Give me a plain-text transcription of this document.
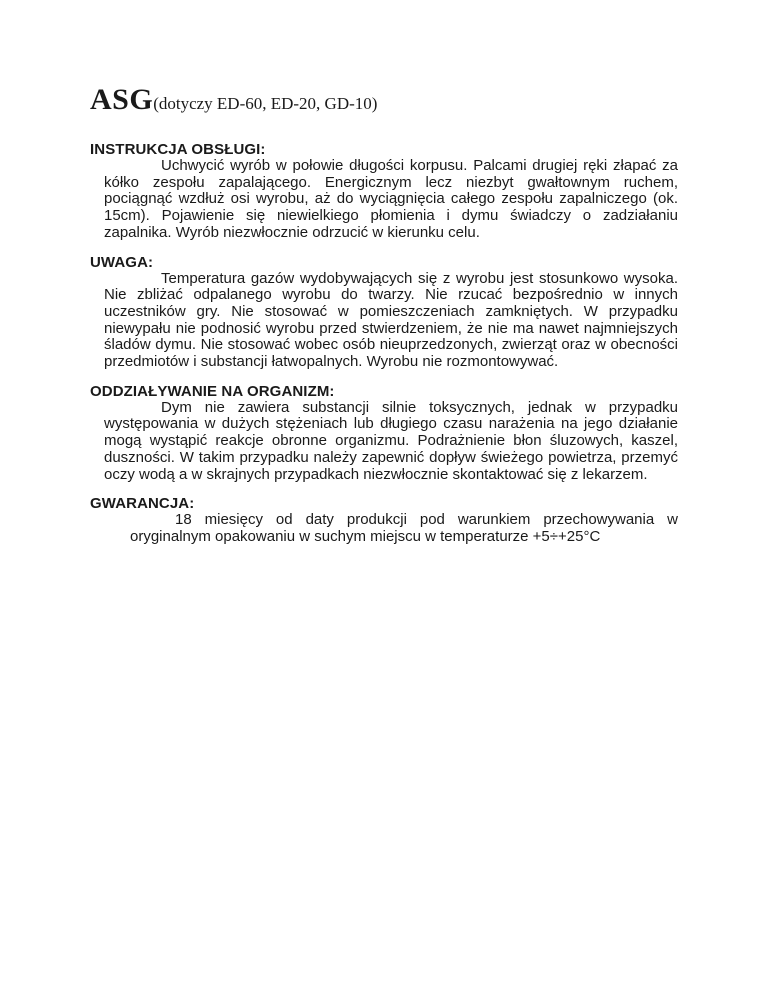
ASG(dotyczy ED-60, ED-20, GD-10)
INSTRUKCJA OBSŁUGI:

Uchwycić wyrób w połowie długości korpusu. Palcami drugiej ręki złapać za kółko zespołu zapalającego. Energicznym lecz niezbyt gwałtownym ruchem, pociągnąć wzdłuż osi wyrobu, aż do wyciągnięcia całego zespołu zapalniczego (ok. 15cm). Pojawienie się niewielkiego płomienia i dymu świadczy o zadziałaniu zapalnika. Wyrób niezwłocznie odrzucić w kierunku celu.

UWAGA:

Temperatura gazów wydobywających się z wyrobu jest stosunkowo wysoka. Nie zbliżać odpalanego wyrobu do twarzy. Nie rzucać bezpośrednio w innych uczestników gry. Nie stosować w pomieszczeniach zamkniętych. W przypadku niewypału nie podnosić wyrobu przed stwierdzeniem, że nie ma nawet najmniejszych śladów dymu. Nie stosować wobec osób nieuprzedzonych, zwierząt oraz w obecności przedmiotów i substancji łatwopalnych. Wyrobu nie rozmontowywać.

ODDZIAŁYWANIE NA ORGANIZM:

Dym nie zawiera substancji silnie toksycznych, jednak w przypadku występowania w dużych stężeniach lub długiego czasu narażenia na jego działanie mogą wystąpić reakcje obronne organizmu. Podrażnienie błon śluzowych, kaszel, duszności. W takim przypadku należy zapewnić dopływ świeżego powietrza, przemyć oczy wodą a w skrajnych przypadkach niezwłocznie skontaktować się z lekarzem.

GWARANCJA:

18 miesięcy od daty produkcji pod warunkiem przechowywania w oryginalnym opakowaniu w suchym miejscu w temperaturze +5÷+25°C
